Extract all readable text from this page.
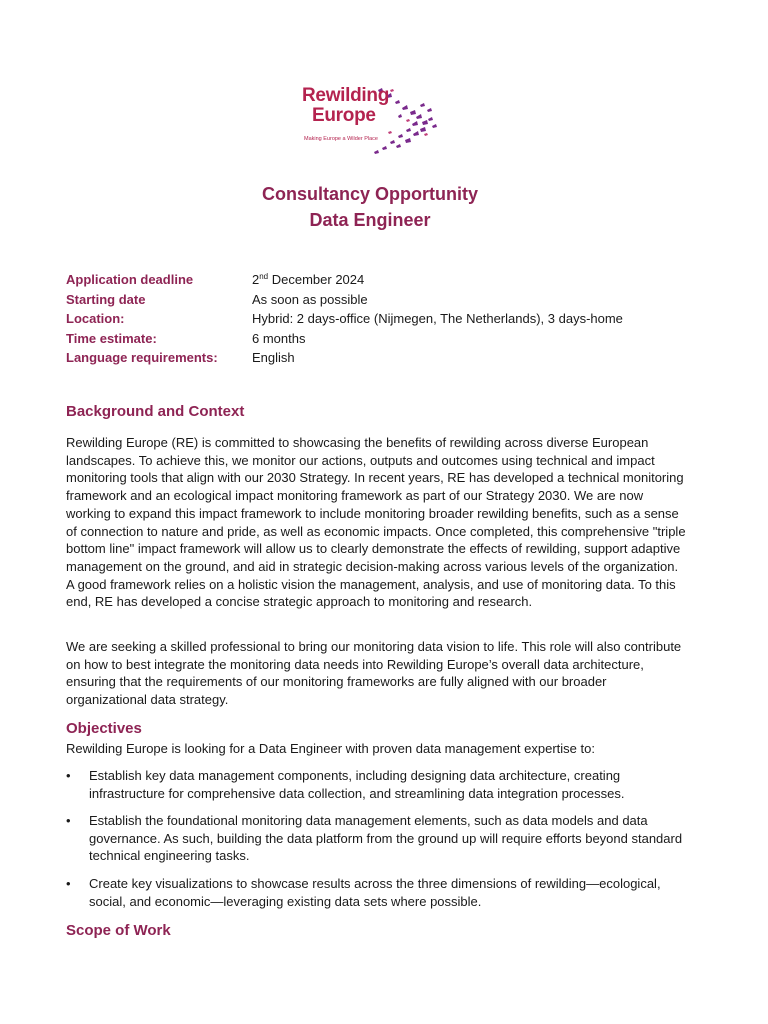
Rewilding
Europe
Making Europe a Wilder Place
Consultancy Opportunity
Data Engineer
Application deadline	2nd December 2024
Starting date	As soon as possible
Location:	Hybrid: 2 days-office (Nijmegen, The Netherlands), 3 days-home
Time estimate:	6 months
Language requirements:	English
Background and Context

Rewilding Europe (RE) is committed to showcasing the benefits of rewilding across diverse European landscapes. To achieve this, we monitor our actions, outputs and outcomes using technical and impact monitoring tools that align with our 2030 Strategy. In recent years, RE has developed a technical monitoring framework and an ecological impact monitoring framework as part of our Strategy 2030. We are now working to expand this impact framework to include monitoring broader rewilding benefits, such as a sense of connection to nature and pride, as well as economic impacts. Once completed, this comprehensive "triple bottom line" impact framework will allow us to clearly demonstrate the effects of rewilding, support adaptive management on the ground, and aid in strategic decision-making across various levels of the organization. A good framework relies on a holistic vision the management, analysis, and use of monitoring data. To this end, RE has developed a concise strategic approach to monitoring and research.

We are seeking a skilled professional to bring our monitoring data vision to life. This role will also contribute on how to best integrate the monitoring data needs into Rewilding Europe’s overall data architecture, ensuring that the requirements of our monitoring frameworks are fully aligned with our broader organizational data strategy.

Objectives

Rewilding Europe is looking for a Data Engineer with proven data management expertise to:

•	Establish key data management components, including designing data architecture, creating infrastructure for comprehensive data collection, and streamlining data integration processes.
•	Establish the foundational monitoring data management elements, such as data models and data governance. As such, building the data platform from the ground up will require efforts beyond standard technical engineering tasks.
•	Create key visualizations to showcase results across the three dimensions of rewilding—ecological, social, and economic—leveraging existing data sets where possible.
Scope of Work
